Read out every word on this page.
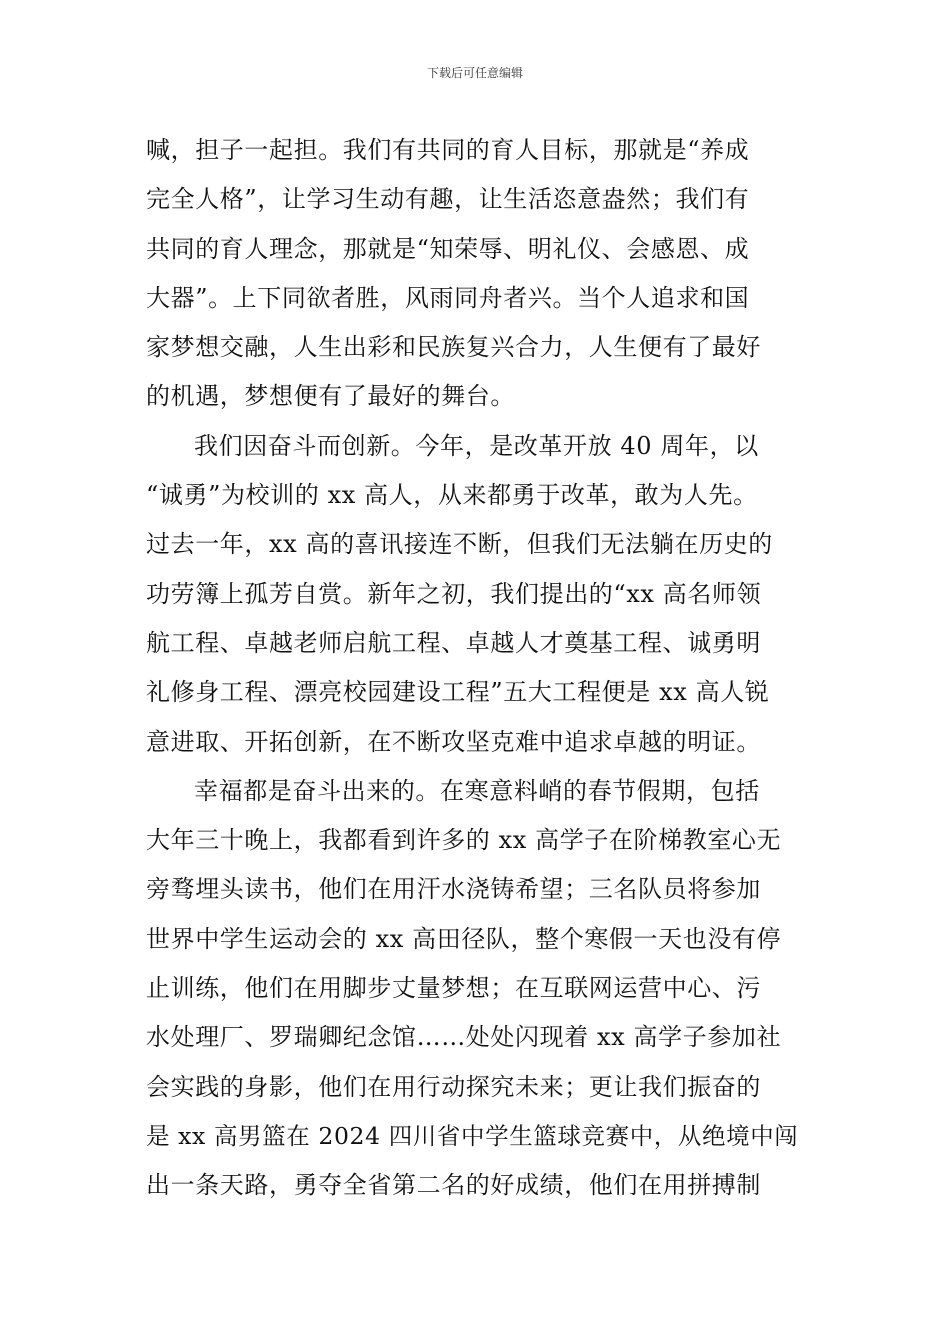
下载后可任意编辑
喊，担子一起担。我们有共同的育人目标，那就是“养成
完全人格”，让学习生动有趣，让生活恣意盎然；我们有
共同的育人理念，那就是“知荣辱、明礼仪、会感恩、成
大器”。上下同欲者胜，风雨同舟者兴。当个人追求和国
家梦想交融，人生出彩和民族复兴合力，人生便有了最好
的机遇，梦想便有了最好的舞台。
我们因奋斗而创新。今年，是改革开放 40 周年，以
“诚勇”为校训的 xx 高人，从来都勇于改革，敢为人先。
过去一年，xx 高的喜讯接连不断，但我们无法躺在历史的
功劳簿上孤芳自赏。新年之初，我们提出的“xx 高名师领
航工程、卓越老师启航工程、卓越人才奠基工程、诚勇明
礼修身工程、漂亮校园建设工程”五大工程便是 xx 高人锐
意进取、开拓创新，在不断攻坚克难中追求卓越的明证。
幸福都是奋斗出来的。在寒意料峭的春节假期，包括
大年三十晚上，我都看到许多的 xx 高学子在阶梯教室心无
旁骛埋头读书，他们在用汗水浇铸希望；三名队员将参加
世界中学生运动会的 xx 高田径队，整个寒假一天也没有停
止训练，他们在用脚步丈量梦想；在互联网运营中心、污
水处理厂、罗瑞卿纪念馆……处处闪现着 xx 高学子参加社
会实践的身影，他们在用行动探究未来；更让我们振奋的
是 xx 高男篮在 2024 四川省中学生篮球竞赛中，从绝境中闯
出一条天路，勇夺全省第二名的好成绩，他们在用拼搏制
